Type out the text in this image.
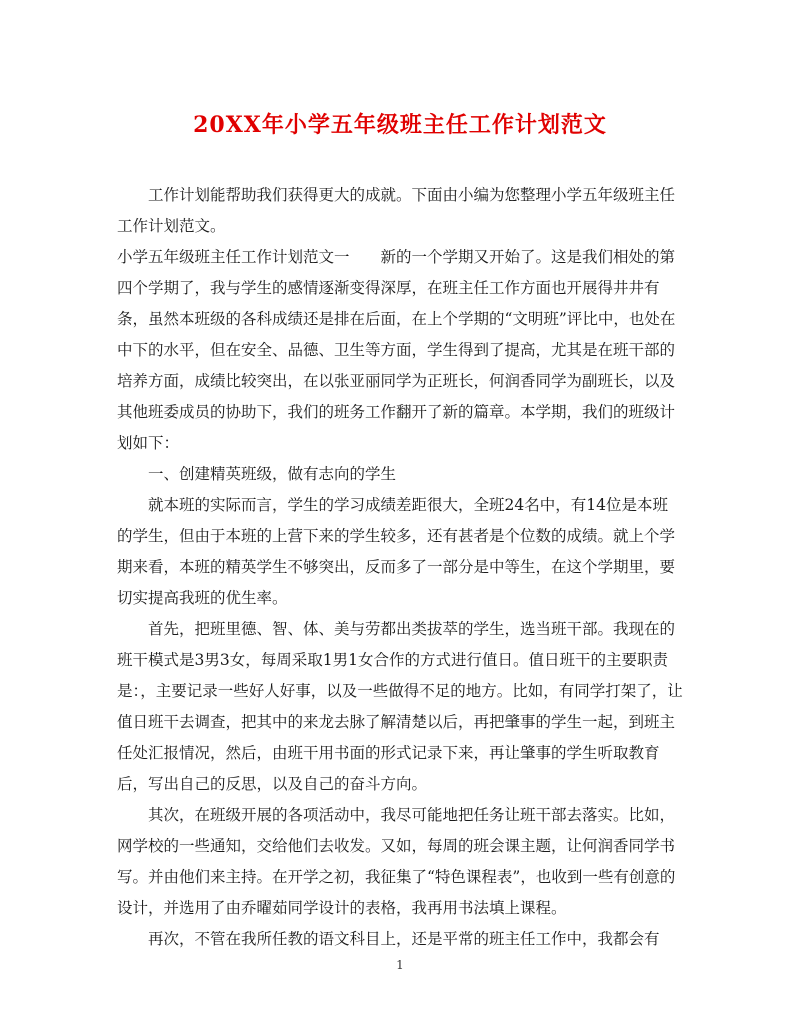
20XX年小学五年级班主任工作计划范文

工作计划能帮助我们获得更大的成就。下面由小编为您整理小学五年级班主任工作计划范文。

小学五年级班主任工作计划范文一　　新的一个学期又开始了。这是我们相处的第四个学期了，我与学生的感情逐渐变得深厚，在班主任工作方面也开展得井井有条，虽然本班级的各科成绩还是排在后面，在上个学期的“文明班”评比中，也处在中下的水平，但在安全、品德、卫生等方面，学生得到了提高，尤其是在班干部的培养方面，成绩比较突出，在以张亚丽同学为正班长，何润香同学为副班长，以及其他班委成员的协助下，我们的班务工作翻开了新的篇章。本学期，我们的班级计划如下：

一、创建精英班级，做有志向的学生

就本班的实际而言，学生的学习成绩差距很大，全班24名中，有14位是本班的学生，但由于本班的上营下来的学生较多，还有甚者是个位数的成绩。就上个学期来看，本班的精英学生不够突出，反而多了一部分是中等生，在这个学期里，要切实提高我班的优生率。

首先，把班里德、智、体、美与劳都出类拔萃的学生，选当班干部。我现在的班干模式是3男3女，每周采取1男1女合作的方式进行值日。值日班干的主要职责是：，主要记录一些好人好事，以及一些做得不足的地方。比如，有同学打架了，让值日班干去调查，把其中的来龙去脉了解清楚以后，再把肇事的学生一起，到班主任处汇报情况，然后，由班干用书面的形式记录下来，再让肇事的学生听取教育后，写出自己的反思，以及自己的奋斗方向。

其次，在班级开展的各项活动中，我尽可能地把任务让班干部去落实。比如，网学校的一些通知，交给他们去收发。又如，每周的班会课主题，让何润香同学书写。并由他们来主持。在开学之初，我征集了“特色课程表”，也收到一些有创意的设计，并选用了由乔曜茹同学设计的表格，我再用书法填上课程。

再次，不管在我所任教的语文科目上，还是平常的班主任工作中，我都会有

1
